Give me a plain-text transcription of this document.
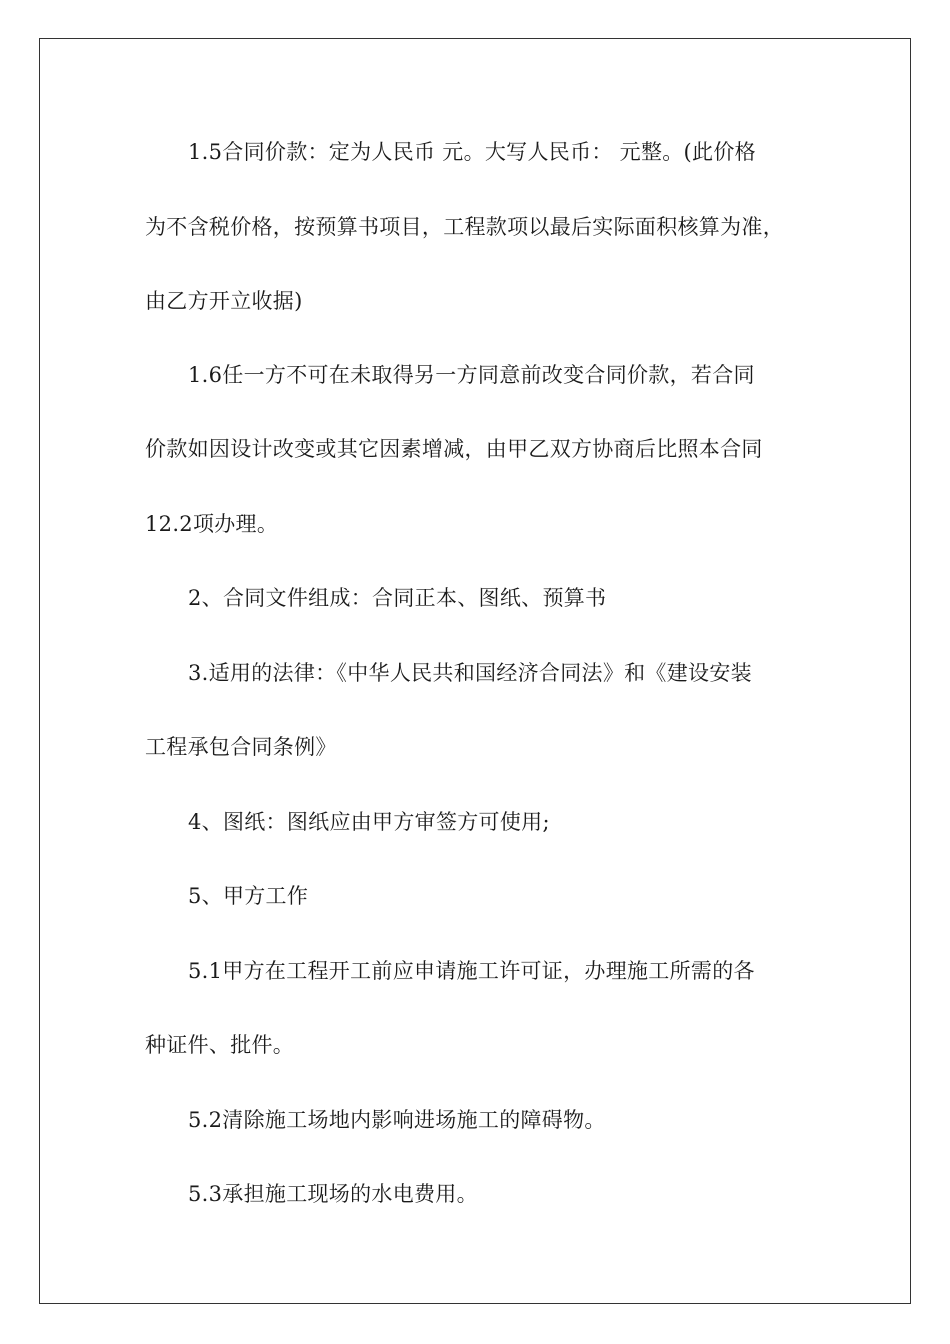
1.5合同价款：定为人民币 元。大写人民币： 元整。(此价格
为不含税价格，按预算书项目，工程款项以最后实际面积核算为准，
由乙方开立收据)
1.6任一方不可在未取得另一方同意前改变合同价款，若合同
价款如因设计改变或其它因素增减，由甲乙双方协商后比照本合同
12.2项办理。
2、合同文件组成：合同正本、图纸、预算书
3.适用的法律：《中华人民共和国经济合同法》和《建设安装
工程承包合同条例》
4、图纸：图纸应由甲方审签方可使用;
5、甲方工作
5.1甲方在工程开工前应申请施工许可证，办理施工所需的各
种证件、批件。
5.2清除施工场地内影响进场施工的障碍物。
5.3承担施工现场的水电费用。
